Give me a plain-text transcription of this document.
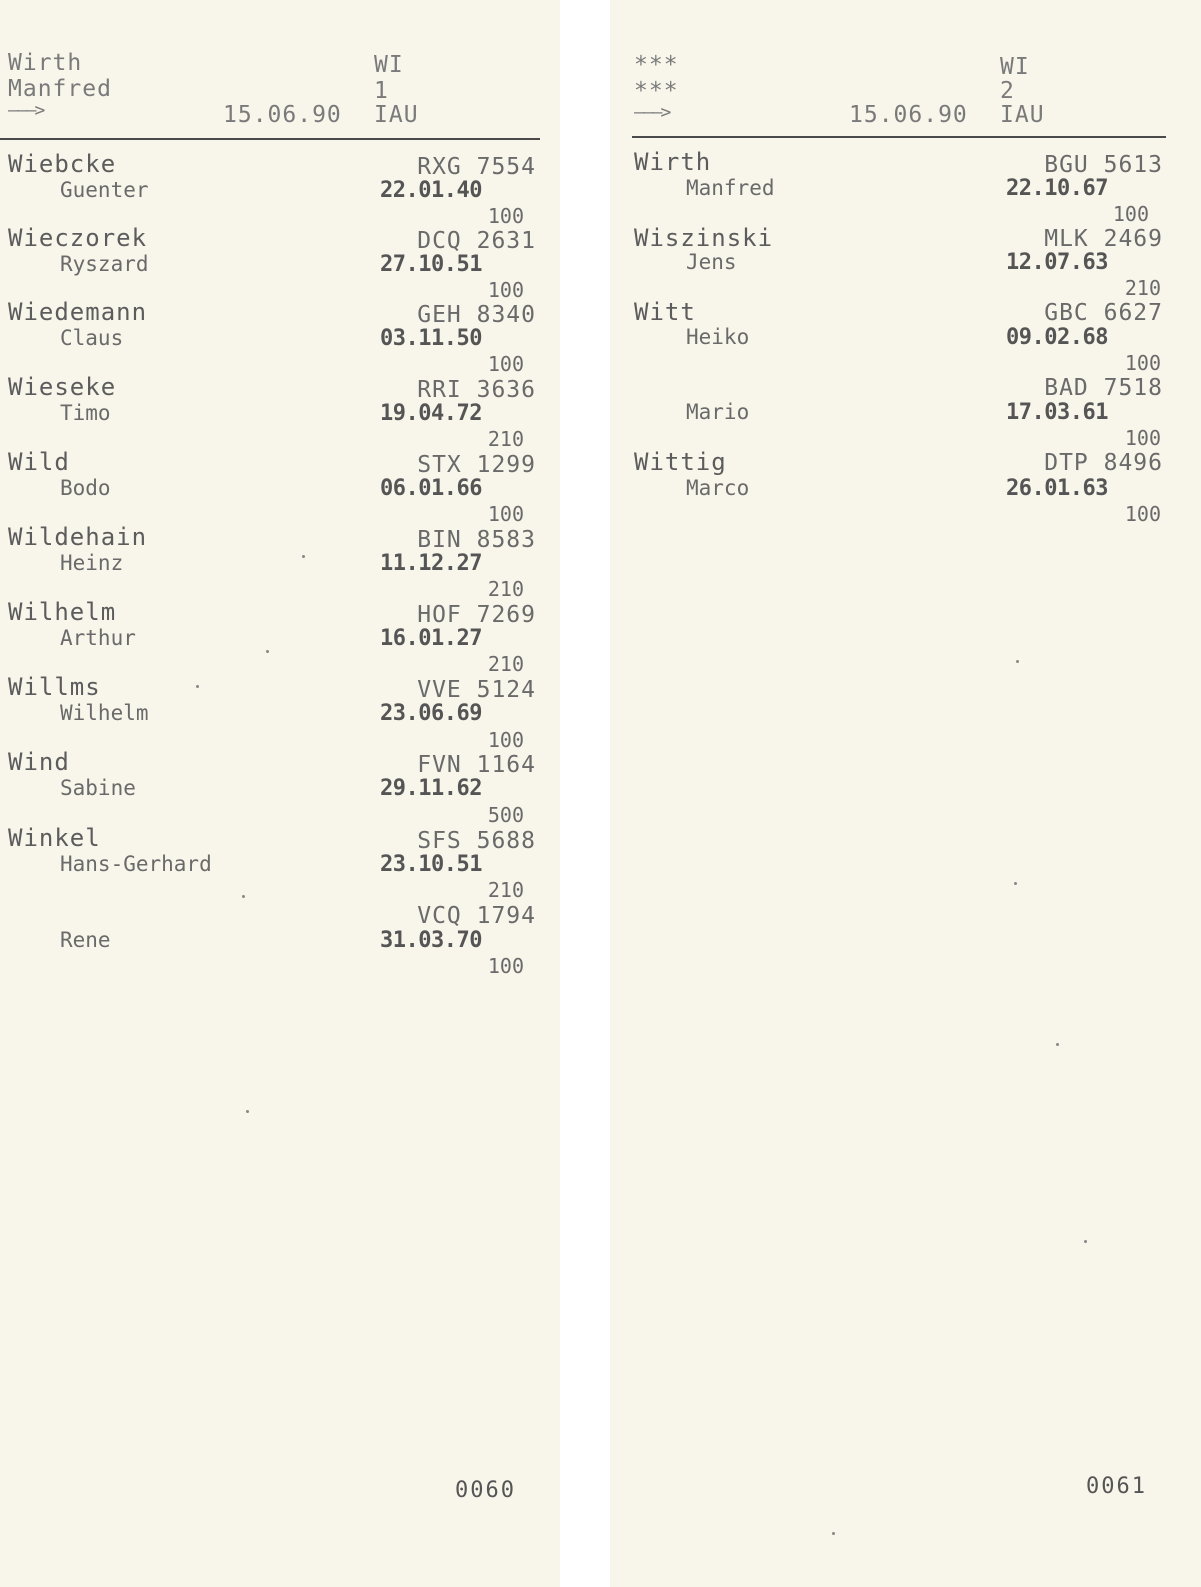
Wirth
Manfred
———>	15.06.90
WI
1
IAU
Wiebcke
Guenter
RXG 7554
22.01.40
100
Wieczorek
Ryszard
DCQ 2631
27.10.51
100
Wiedemann
Claus
GEH 8340
03.11.50
100
Wieseke
Timo
RRI 3636
19.04.72
210
Wild
Bodo
STX 1299
06.01.66
100
Wildehain
Heinz
BIN 8583
11.12.27
210
Wilhelm
Arthur
HOF 7269
16.01.27
210
Willms
Wilhelm
VVE 5124
23.06.69
100
Wind
Sabine
FVN 1164
29.11.62
500
Winkel
Hans-Gerhard
SFS 5688
23.10.51
210
Rene
VCQ 1794
31.03.70
100
0060
***
***
———>	15.06.90
WI
2
IAU
Wirth
Manfred
BGU 5613
22.10.67
100
Wiszinski
Jens
MLK 2469
12.07.63
210
Witt
Heiko
GBC 6627
09.02.68
100
Mario
BAD 7518
17.03.61
100
Wittig
Marco
DTP 8496
26.01.63
100
0061
